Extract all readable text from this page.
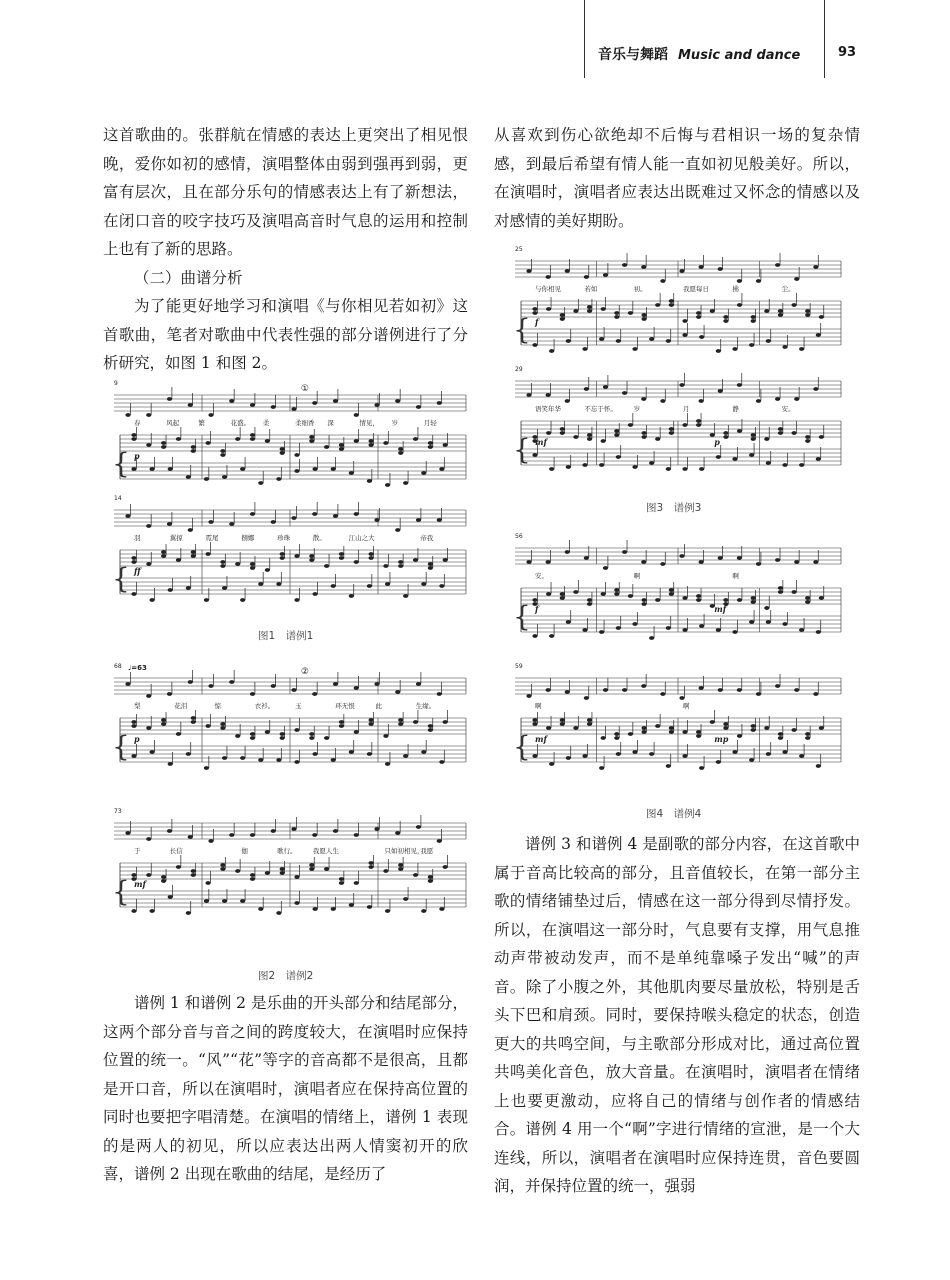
音乐与舞蹈 Music and dance	93

这首歌曲的。张群航在情感的表达上更突出了相见恨晚，爱你如初的感情，演唱整体由弱到强再到弱，更富有层次，且在部分乐句的情感表达上有了新想法，在闭口音的咬字技巧及演唱高音时气息的运用和控制上也有了新的思路。

（二）曲谱分析

为了能更好地学习和演唱《与你相见若如初》这首歌曲，笔者对歌曲中代表性强的部分谱例进行了分析研究，如图 1 和图 2。

谱例 1 和谱例 2 是乐曲的开头部分和结尾部分，这两个部分音与音之间的跨度较大，在演唱时应保持位置的统一。“风”“花”等字的音高都不是很高，且都是开口音，所以在演唱时，演唱者应在保持高位置的同时也要把字唱清楚。在演唱的情绪上，谱例 1 表现的是两人的初见，所以应表达出两人情窦初开的欣喜，谱例 2 出现在歌曲的结尾，是经历了

从喜欢到伤心欲绝却不后悔与君相识一场的复杂情感，到最后希望有情人能一直如初见般美好。所以，在演唱时，演唱者应表达出既难过又怀念的情感以及对感情的美好期盼。

谱例 3 和谱例 4 是副歌的部分内容，在这首歌中属于音高比较高的部分，且音值较长，在第一部分主歌的情绪铺垫过后，情感在这一部分得到尽情抒发。所以，在演唱这一部分时，气息要有支撑，用气息推动声带被动发声，而不是单纯靠嗓子发出“喊”的声音。除了小腹之外，其他肌肉要尽量放松，特别是舌头下巴和肩颈。同时，要保持喉头稳定的状态，创造更大的共鸣空间，与主歌部分形成对比，通过高位置共鸣美化音色，放大音量。在演唱时，演唱者在情绪上也要更激动，应将自己的情绪与创作者的情感结合。谱例 4 用一个“啊”字进行情绪的宣泄，是一个大连线，所以，演唱者在演唱时应保持连贯，音色要圆润，并保持位置的统一，强弱

9
①
春	风起	繁	花盛。 柔	柔细香 深	情见， 岁	月轻
{ p
14
羽	翼掠	霓尾	捌娜	珍珠	散。	江山之大	帝我
{ ff
图1　谱例1
68 ♩=63	②
梨	花泪	惊	衣衫。	玉	环无恨	此	生缘。
{ p
73
于	长信	伽	歌行。	我愿人生	只如初相见，
我愿
{ mf
图2　谱例2
25
与你相见	若如	初。	我愿每日	拂	尘。
{ f
29
语笑年华	不忘于怀。	岁	月	静	安。
{ mf	p
图3　谱例3
56
安。	啊	啊
{ f	mf
59
啊	啊
{ mf	mp
图4　谱例4
